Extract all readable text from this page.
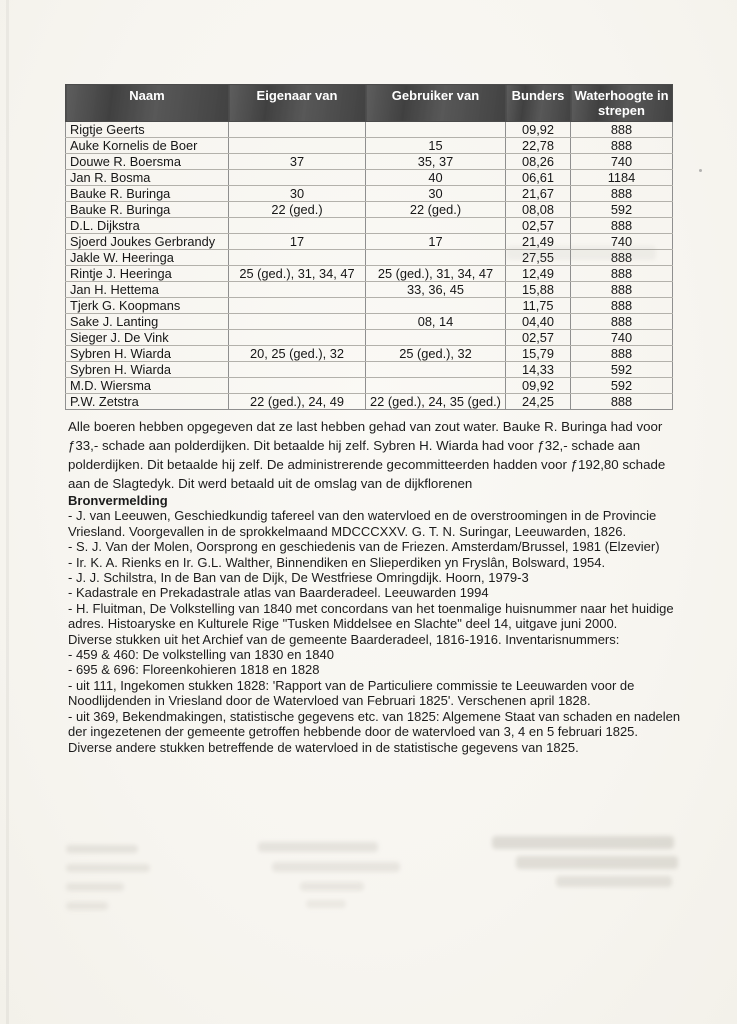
Naam	Eigenaar van	Gebruiker van	Bunders	Waterhoogte in strepen
Rigtje Geerts			09,92	888
Auke Kornelis de Boer		15	22,78	888
Douwe R. Boersma	37	35, 37	08,26	740
Jan R. Bosma		40	06,61	1184
Bauke R. Buringa	30	30	21,67	888
Bauke R. Buringa	22 (ged.)	22 (ged.)	08,08	592
D.L. Dijkstra			02,57	888
Sjoerd Joukes Gerbrandy	17	17	21,49	740
Jakle W. Heeringa			27,55	888
Rintje J. Heeringa	25 (ged.), 31, 34, 47	25 (ged.), 31, 34, 47	12,49	888
Jan H. Hettema		33, 36, 45	15,88	888
Tjerk G. Koopmans			11,75	888
Sake J. Lanting		08, 14	04,40	888
Sieger J. De Vink			02,57	740
Sybren H. Wiarda	20, 25 (ged.), 32	25 (ged.), 32	15,79	888
Sybren H. Wiarda			14,33	592
M.D. Wiersma			09,92	592
P.W. Zetstra	22 (ged.), 24, 49	22 (ged.), 24, 35 (ged.)	24,25	888
Alle boeren hebben opgegeven dat ze last hebben gehad van zout water. Bauke R. Buringa had voor ƒ33,- schade aan polderdijken. Dit betaalde hij zelf. Sybren H. Wiarda had voor ƒ32,- schade aan polderdijken. Dit betaalde hij zelf. De administrerende gecommitteerden hadden voor ƒ192,80 schade aan de Slagtedyk. Dit werd betaald uit de omslag van de dijkflorenen
Bronvermelding
- J. van Leeuwen, Geschiedkundig tafereel van den watervloed en de overstroomingen in de Provincie Vriesland. Voorgevallen in de sprokkelmaand MDCCCXXV. G. T. N. Suringar, Leeuwarden, 1826.
- S. J. Van der Molen, Oorsprong en geschiedenis van de Friezen. Amsterdam/Brussel, 1981 (Elzevier)
- Ir. K. A. Rienks en Ir. G.L. Walther, Binnendiken en Slieperdiken yn Fryslân, Bolsward, 1954.
- J. J. Schilstra, In de Ban van de Dijk, De Westfriese Omringdijk. Hoorn, 1979-3
- Kadastrale en Prekadastrale atlas van Baarderadeel. Leeuwarden 1994
- H. Fluitman, De Volkstelling van 1840 met concordans van het toenmalige huisnummer naar het huidige adres. Histoaryske en Kulturele Rige "Tusken Middelsee en Slachte" deel 14, uitgave juni 2000.
Diverse stukken uit het Archief van de gemeente Baarderadeel, 1816-1916. Inventarisnummers:
- 459 & 460: De volkstelling van 1830 en 1840
- 695 & 696: Floreenkohieren 1818 en 1828
- uit 111, Ingekomen stukken 1828: 'Rapport van de Particuliere commissie te Leeuwarden voor de Noodlijdenden in Vriesland door de Watervloed van Februari 1825'. Verschenen april 1828.
- uit 369, Bekendmakingen, statistische gegevens etc. van 1825: Algemene Staat van schaden en nadelen der ingezetenen der gemeente getroffen hebbende door de watervloed van 3, 4 en 5 februari 1825.
Diverse andere stukken betreffende de watervloed in de statistische gegevens van 1825.
